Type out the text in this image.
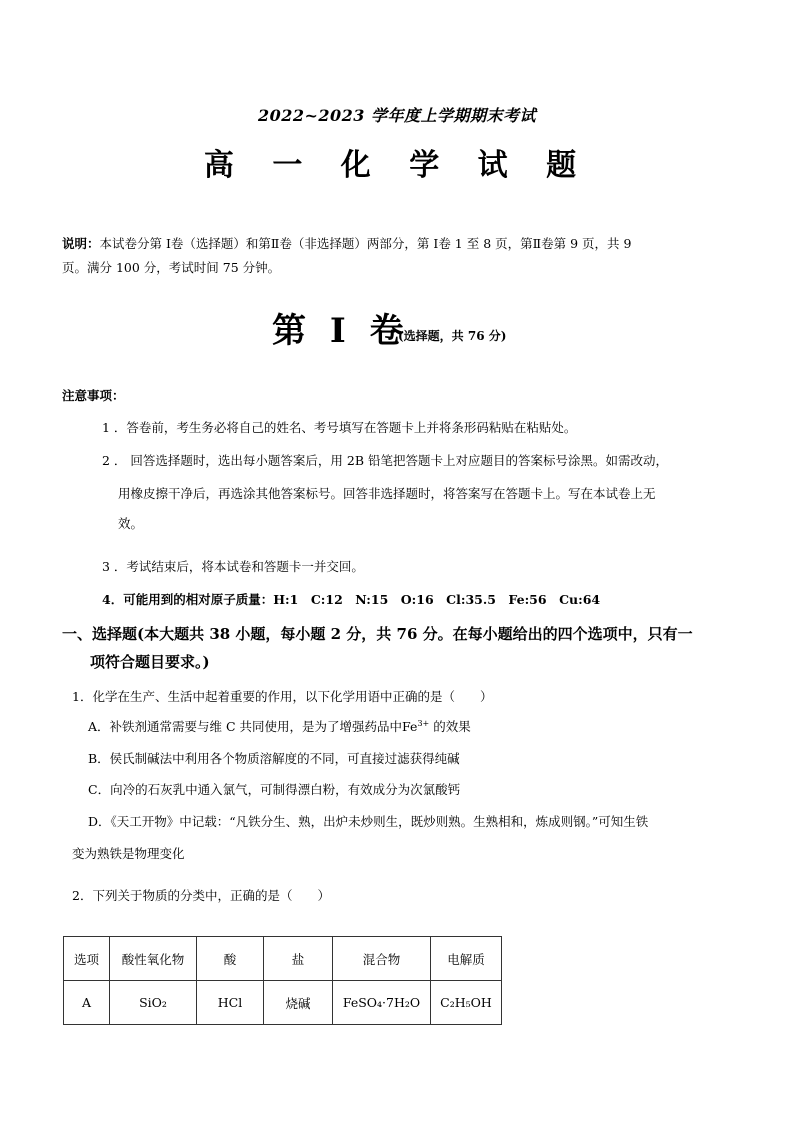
2022~2023 学年度上学期期末考试
高 一 化 学 试 题
说明：本试卷分第 Ⅰ卷（选择题）和第Ⅱ卷（非选择题）两部分，第 Ⅰ卷 1 至 8 页，第Ⅱ卷第 9 页，共 9
页。满分 100 分，考试时间 75 分钟。
第 Ⅰ 卷
(选择题，共 76 分)
注意事项：
1 ．答卷前，考生务必将自己的姓名、考号填写在答题卡上并将条形码粘贴在粘贴处。
2 ． 回答选择题时，选出每小题答案后，用 2B 铅笔把答题卡上对应题目的答案标号涂黑。如需改动，
用橡皮擦干净后，再选涂其他答案标号。回答非选择题时，将答案写在答题卡上。写在本试卷上无
效。
3 ．考试结束后，将本试卷和答题卡一并交回。
4．可能用到的相对原子质量：H:1　C:12　N:15　O:16　Cl:35.5　Fe:56　Cu:64
一、选择题(本大题共 38 小题，每小题 2 分，共 76 分。在每小题给出的四个选项中，只有一
项符合题目要求。)
1．化学在生产、生活中起着重要的作用，以下化学用语中正确的是（　　）
A．补铁剂通常需要与维 C 共同使用，是为了增强药品中$Fe^{3+}$ 的效果
B．侯氏制碱法中利用各个物质溶解度的不同，可直接过滤获得纯碱
C．向冷的石灰乳中通入氯气，可制得漂白粉，有效成分为次氯酸钙
D．《天工开物》中记载：“凡铁分生、熟，出炉未炒则生，既炒则熟。生熟相和，炼成则钢。”可知生铁
变为熟铁是物理变化
2．下列关于物质的分类中，正确的是（　　）
选项	酸性氧化物	酸	盐	混合物	电解质
A	SiO₂	HCl	烧碱	FeSO₄·7H₂O	C₂H₅OH
